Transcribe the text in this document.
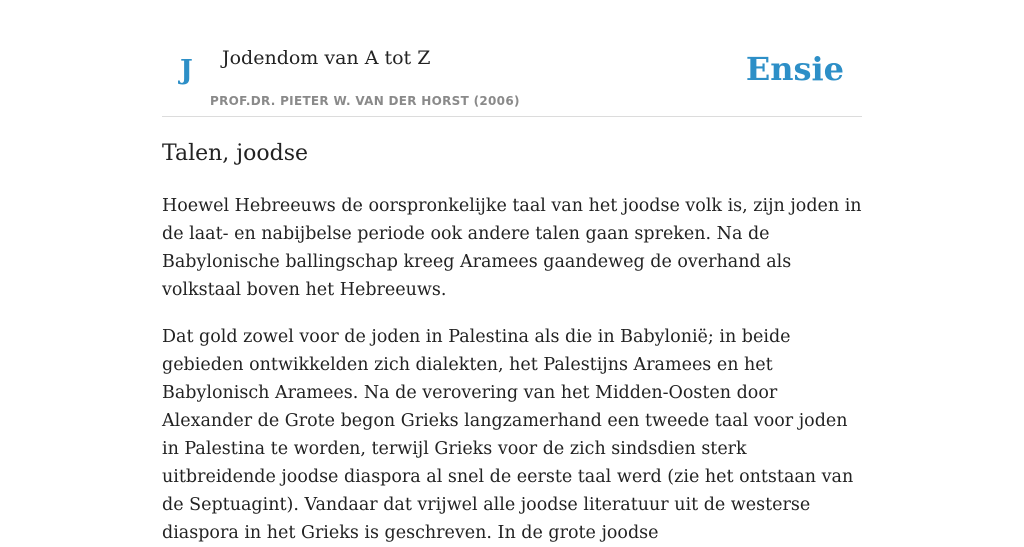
J Jodendom van A tot Z
PROF.DR. PIETER W. VAN DER HORST (2006)
Ensie
Talen, joodse

Hoewel Hebreeuws de oorspronkelijke taal van het joodse volk is, zijn joden in de laat- en nabijbelse periode ook andere talen gaan spreken. Na de Babylonische ballingschap kreeg Aramees gaandeweg de overhand als volkstaal boven het Hebreeuws.

Dat gold zowel voor de joden in Palestina als die in Babylonië; in beide gebieden ontwikkelden zich dialekten, het Palestijns Aramees en het Babylonisch Aramees. Na de verovering van het Midden-Oosten door Alexander de Grote begon Grieks langzamerhand een tweede taal voor joden in Palestina te worden, terwijl Grieks voor de zich sindsdien sterk uitbreidende joodse diaspora al snel de eerste taal werd (zie het ontstaan van de Septuagint). Vandaar dat vrijwel alle joodse literatuur uit de westerse diaspora in het Grieks is geschreven. In de grote joodse
